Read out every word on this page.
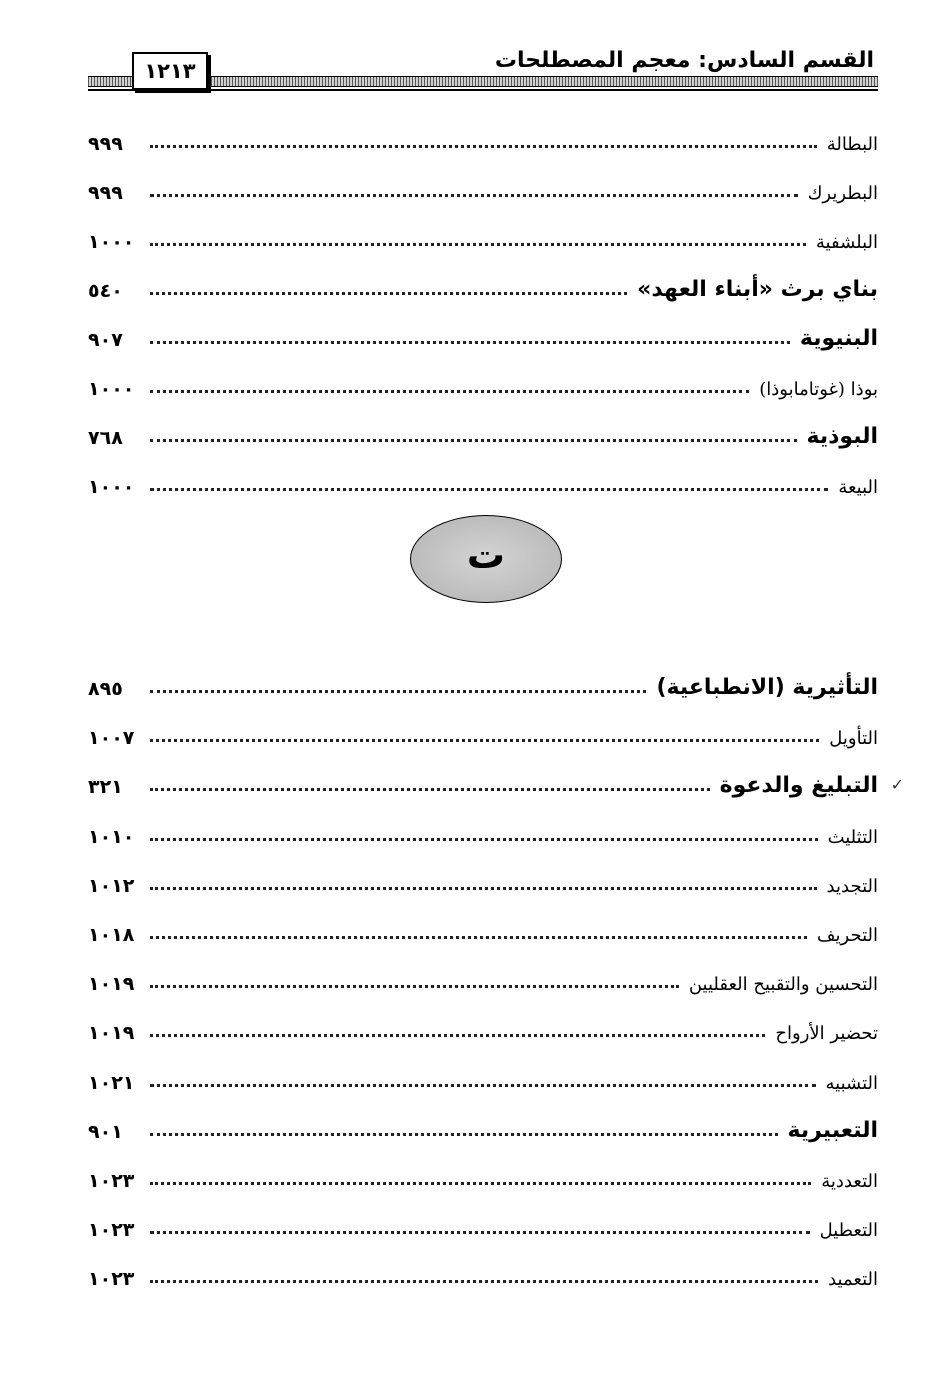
القسم السادس: معجم المصطلحات
١٢١٣
البطالة
٩٩٩
البطريرك
٩٩٩
البلشفية
١٠٠٠
بناي برث «أبناء العهد»
٥٤٠
البنيوية
٩٠٧
بوذا (غوتامابوذا)
١٠٠٠
البوذية
٧٦٨
البيعة
١٠٠٠
ت
✓
التأثيرية (الانطباعية)
٨٩٥
التأويل
١٠٠٧
التبليغ والدعوة
٣٢١
التثليث
١٠١٠
التجديد
١٠١٢
التحريف
١٠١٨
التحسين والتقبيح العقليين
١٠١٩
تحضير الأرواح
١٠١٩
التشبيه
١٠٢١
التعبيرية
٩٠١
التعددية
١٠٢٣
التعطيل
١٠٢٣
التعميد
١٠٢٣
